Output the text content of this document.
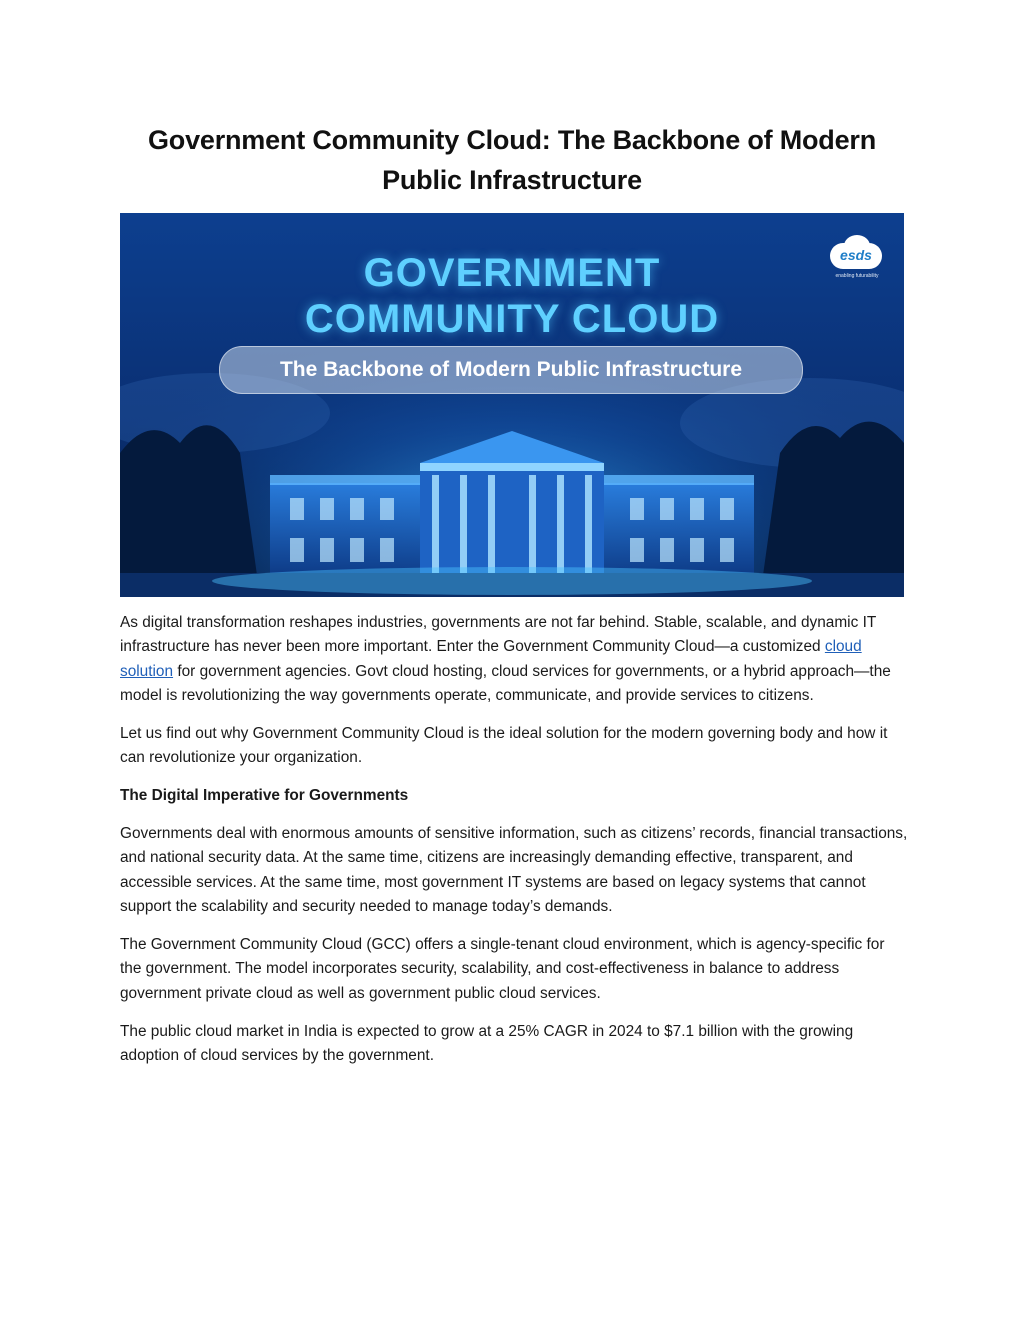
Government Community Cloud: The Backbone of Modern
Public Infrastructure
GOVERNMENT
COMMUNITY CLOUD
The Backbone of Modern Public Infrastructure
esds
enabling futurability

As digital transformation reshapes industries, governments are not far behind. Stable, scalable, and dynamic IT infrastructure has never been more important. Enter the Government Community Cloud—a customized cloud solution for government agencies. Govt cloud hosting, cloud services for governments, or a hybrid approach—the model is revolutionizing the way governments operate, communicate, and provide services to citizens.

Let us find out why Government Community Cloud is the ideal solution for the modern governing body and how it can revolutionize your organization.

The Digital Imperative for Governments

Governments deal with enormous amounts of sensitive information, such as citizens’ records, financial transactions, and national security data. At the same time, citizens are increasingly demanding effective, transparent, and accessible services. At the same time, most government IT systems are based on legacy systems that cannot support the scalability and security needed to manage today’s demands.

The Government Community Cloud (GCC) offers a single-tenant cloud environment, which is agency-specific for the government. The model incorporates security, scalability, and cost-effectiveness in balance to address government private cloud as well as government public cloud services.

The public cloud market in India is expected to grow at a 25% CAGR in 2024 to $7.1 billion with the growing adoption of cloud services by the government.
